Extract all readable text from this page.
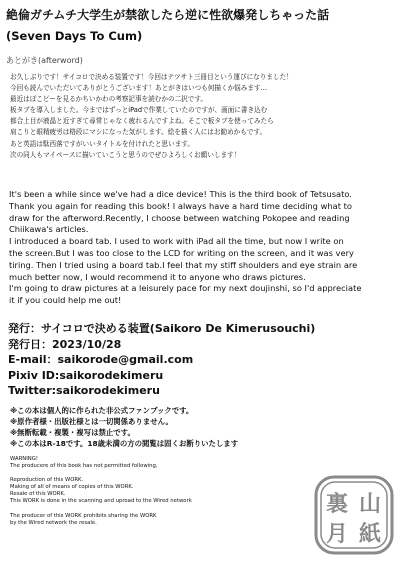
絶倫ガチムチ大学生が禁欲したら逆に性欲爆発しちゃった話
(Seven Days To Cum)
あとがき(afterword)
お久しぶりです！サイコロで決める装置です！今回はテツサト三冊目という運びになりました！
今回も読んでいただいてありがとうございます！あとがきはいつも何描くか悩みます…
最近はぽこピーを見るかちいかわの考察記事を読むかの二択です。
板タブを導入しました。今まではずっとiPadで作業していたのですが、画面に書き込む
都合上目が液晶と近すぎて尋常じゃなく疲れるんですよね。そこで板タブを使ってみたら
肩こりと眼精疲労は格段にマシになった気がします。絵を描く人にはお勧めかもです。
あと英語は駄西落ですがいいタイトルを付けれたと思います。
次の同人もマイペースに描いていこうと思うのでぜひよろしくお願いします！
It's been a while since we've had a dice device! This is the third book of Tetsusato.
Thank you again for reading this book! I always have a hard time deciding what to
draw for the afterword.Recently, I choose between watching Pokopee and reading
Chiikawa's articles.
I introduced a board tab. I used to work with iPad all the time, but now I write on
the screen.But I was too close to the LCD for writing on the screen, and it was very
tiring. Then I tried using a board tab.I feel that my stiff shoulders and eye strain are
much better now, I would recommend it to anyone who draws pictures.
I'm going to draw pictures at a leisurely pace for my next doujinshi, so I'd appreciate
it if you could help me out!
発行：サイコロで決める装置(Saikoro De Kimerusouchi)
発行日：2023/10/28
E-mail：saikorode@gmail.com
Pixiv ID:saikorodekimeru
Twitter:saikorodekimeru
※この本は個人的に作られた非公式ファンブックです。
※原作者様・出版社様とは一切関係ありません。
※無断転載・複製・複写は禁止です。
※この本はR-18です。18歳未満の方の閲覧は固くお断りいたします
WARNING!
The producere of this book has not permitted following,
Reproduction of this WORK.
Making of all of means of copies of this WORK.
Resale of this WORK.
This WORK is done in the scanning and uproad to the Wired network
The producer of this WORK prohibits sharing the WORK
by the Wired network the resale.
裏 山
月 紙
